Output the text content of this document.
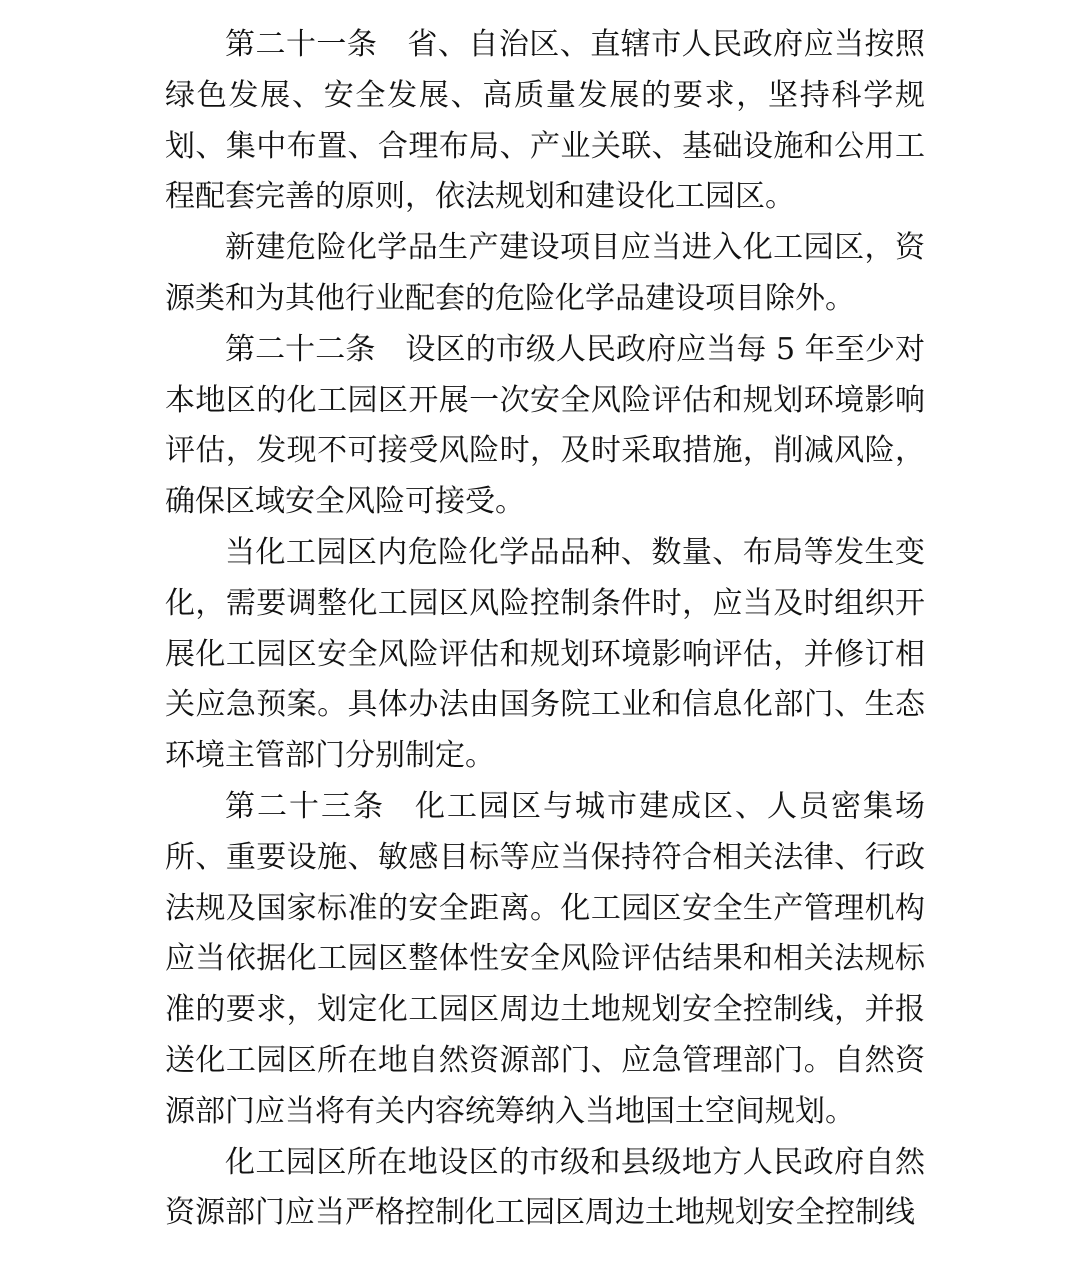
第二十一条 省、自治区、直辖市人民政府应当按照绿色发展、安全发展、高质量发展的要求，坚持科学规划、集中布置、合理布局、产业关联、基础设施和公用工程配套完善的原则，依法规划和建设化工园区。

新建危险化学品生产建设项目应当进入化工园区，资源类和为其他行业配套的危险化学品建设项目除外。

第二十二条 设区的市级人民政府应当每 5 年至少对本地区的化工园区开展一次安全风险评估和规划环境影响评估，发现不可接受风险时，及时采取措施，削减风险，确保区域安全风险可接受。

当化工园区内危险化学品品种、数量、布局等发生变化，需要调整化工园区风险控制条件时，应当及时组织开展化工园区安全风险评估和规划环境影响评估，并修订相关应急预案。具体办法由国务院工业和信息化部门、生态环境主管部门分别制定。

第二十三条 化工园区与城市建成区、人员密集场所、重要设施、敏感目标等应当保持符合相关法律、行政法规及国家标准的安全距离。化工园区安全生产管理机构应当依据化工园区整体性安全风险评估结果和相关法规标准的要求，划定化工园区周边土地规划安全控制线，并报送化工园区所在地自然资源部门、应急管理部门。自然资源部门应当将有关内容统筹纳入当地国土空间规划。

化工园区所在地设区的市级和县级地方人民政府自然资源部门应当严格控制化工园区周边土地规划安全控制线
